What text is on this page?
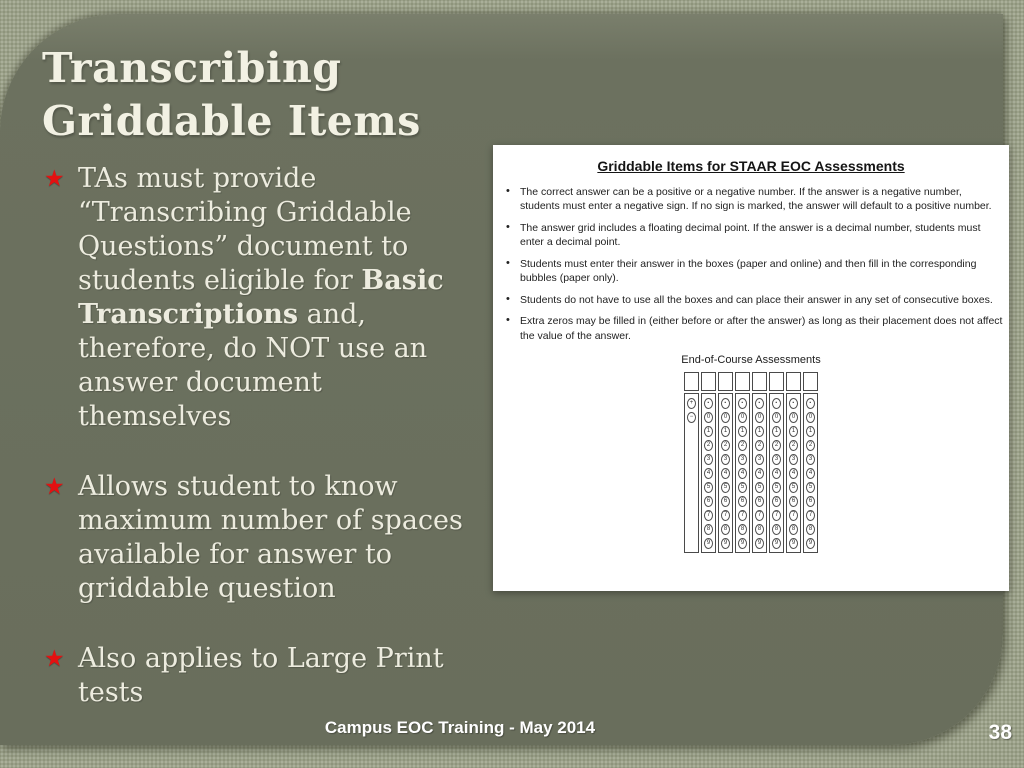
Transcribing
Griddable Items
★ TAs must provide
“Transcribing Griddable
Questions” document to
students eligible for Basic
Transcriptions and,
therefore, do NOT use an
answer document
themselves
★ Allows student to know
maximum number of spaces
available for answer to
griddable question
★ Also applies to Large Print
tests
Campus EOC Training - May 2014
Griddable Items for STAAR EOC Assessments
• The correct answer can be a positive or a negative number. If the answer is a negative number, students must enter a negative sign. If no sign is marked, the answer will default to a positive number.
• The answer grid includes a floating decimal point. If the answer is a decimal number, students must enter a decimal point.
• Students must enter their answer in the boxes (paper and online) and then fill in the corresponding bubbles (paper only).
• Students do not have to use all the boxes and can place their answer in any set of consecutive boxes.
• Extra zeros may be filled in (either before or after the answer) as long as their placement does not affect the value of the answer.
End-of-Course Assessments
+
−
·
0
1
2
3
4
5
6
7
8
9
·
0
1
2
3
4
5
6
7
8
9
·
0
1
2
3
4
5
6
7
8
9
·
0
1
2
3
4
5
6
7
8
9
·
0
1
2
3
4
5
6
7
8
9
·
0
1
2
3
4
5
6
7
8
9
·
0
1
2
3
4
5
6
7
8
9
38
